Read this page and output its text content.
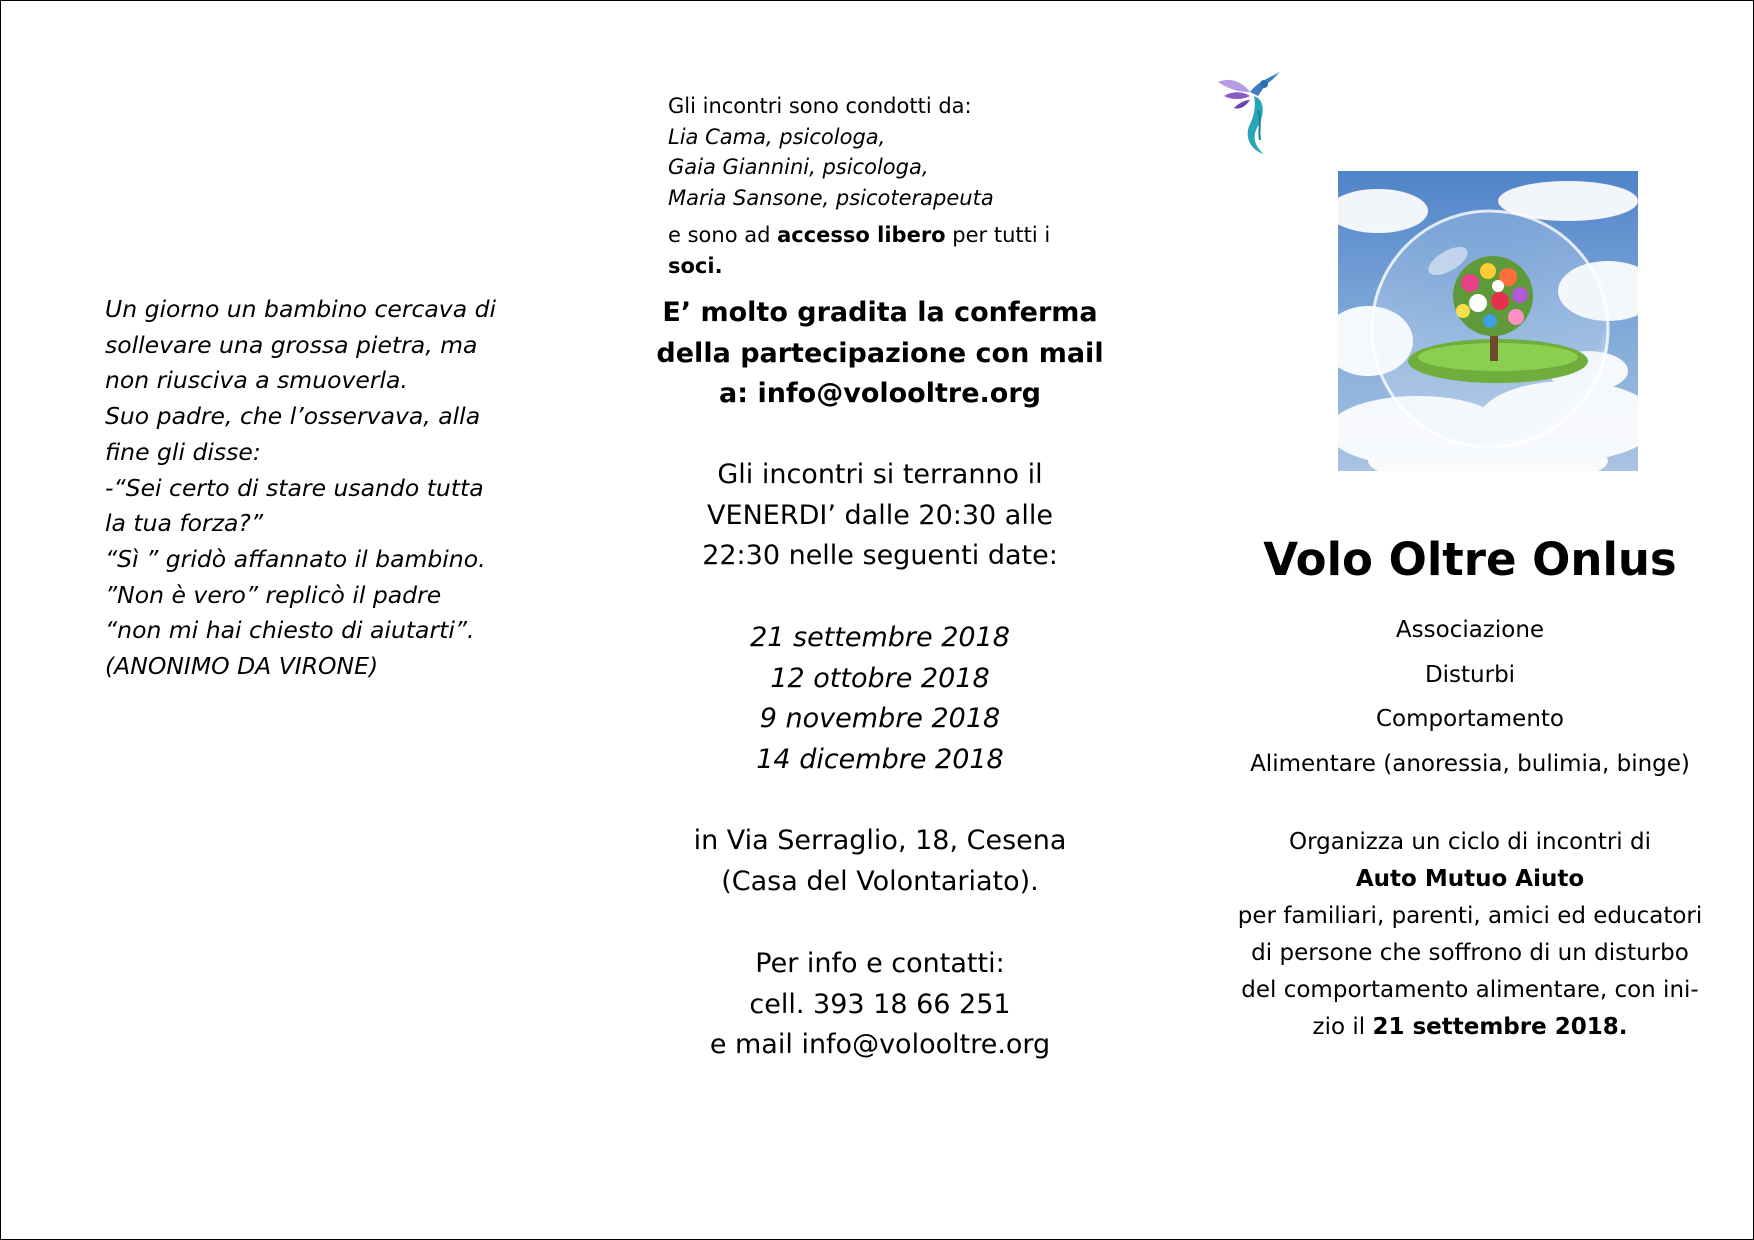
Un giorno un bambino cercava di
sollevare una grossa pietra, ma
non riusciva a smuoverla.
Suo padre, che l’osservava, alla
fine gli disse:
-“Sei certo di stare usando tutta
la tua forza?”
“Sì ” gridò affannato il bambino.
”Non è vero” replicò il padre
“non mi hai chiesto di aiutarti”.
(ANONIMO DA VIRONE)
Gli incontri sono condotti da:
Lia Cama, psicologa,
Gaia Giannini, psicologa,
Maria Sansone, psicoterapeuta
e sono ad accesso libero per tutti i soci.
E’ molto gradita la conferma
della partecipazione con mail
a: info@volooltre.org
Gli incontri si terranno il
VENERDI’ dalle 20:30 alle
22:30 nelle seguenti date:
21 settembre 2018
12 ottobre 2018
9 novembre 2018
14 dicembre 2018
in Via Serraglio, 18, Cesena
(Casa del Volontariato).
Per info e contatti:
cell. 393 18 66 251
e mail info@volooltre.org
Volo Oltre Onlus
Associazione
Disturbi
Comportamento
Alimentare (anoressia, bulimia, binge)
Organizza un ciclo di incontri di
Auto Mutuo Aiuto
per familiari, parenti, amici ed educatori
di persone che soffrono di un disturbo
del comportamento alimentare, con ini-
zio il 21 settembre 2018.
